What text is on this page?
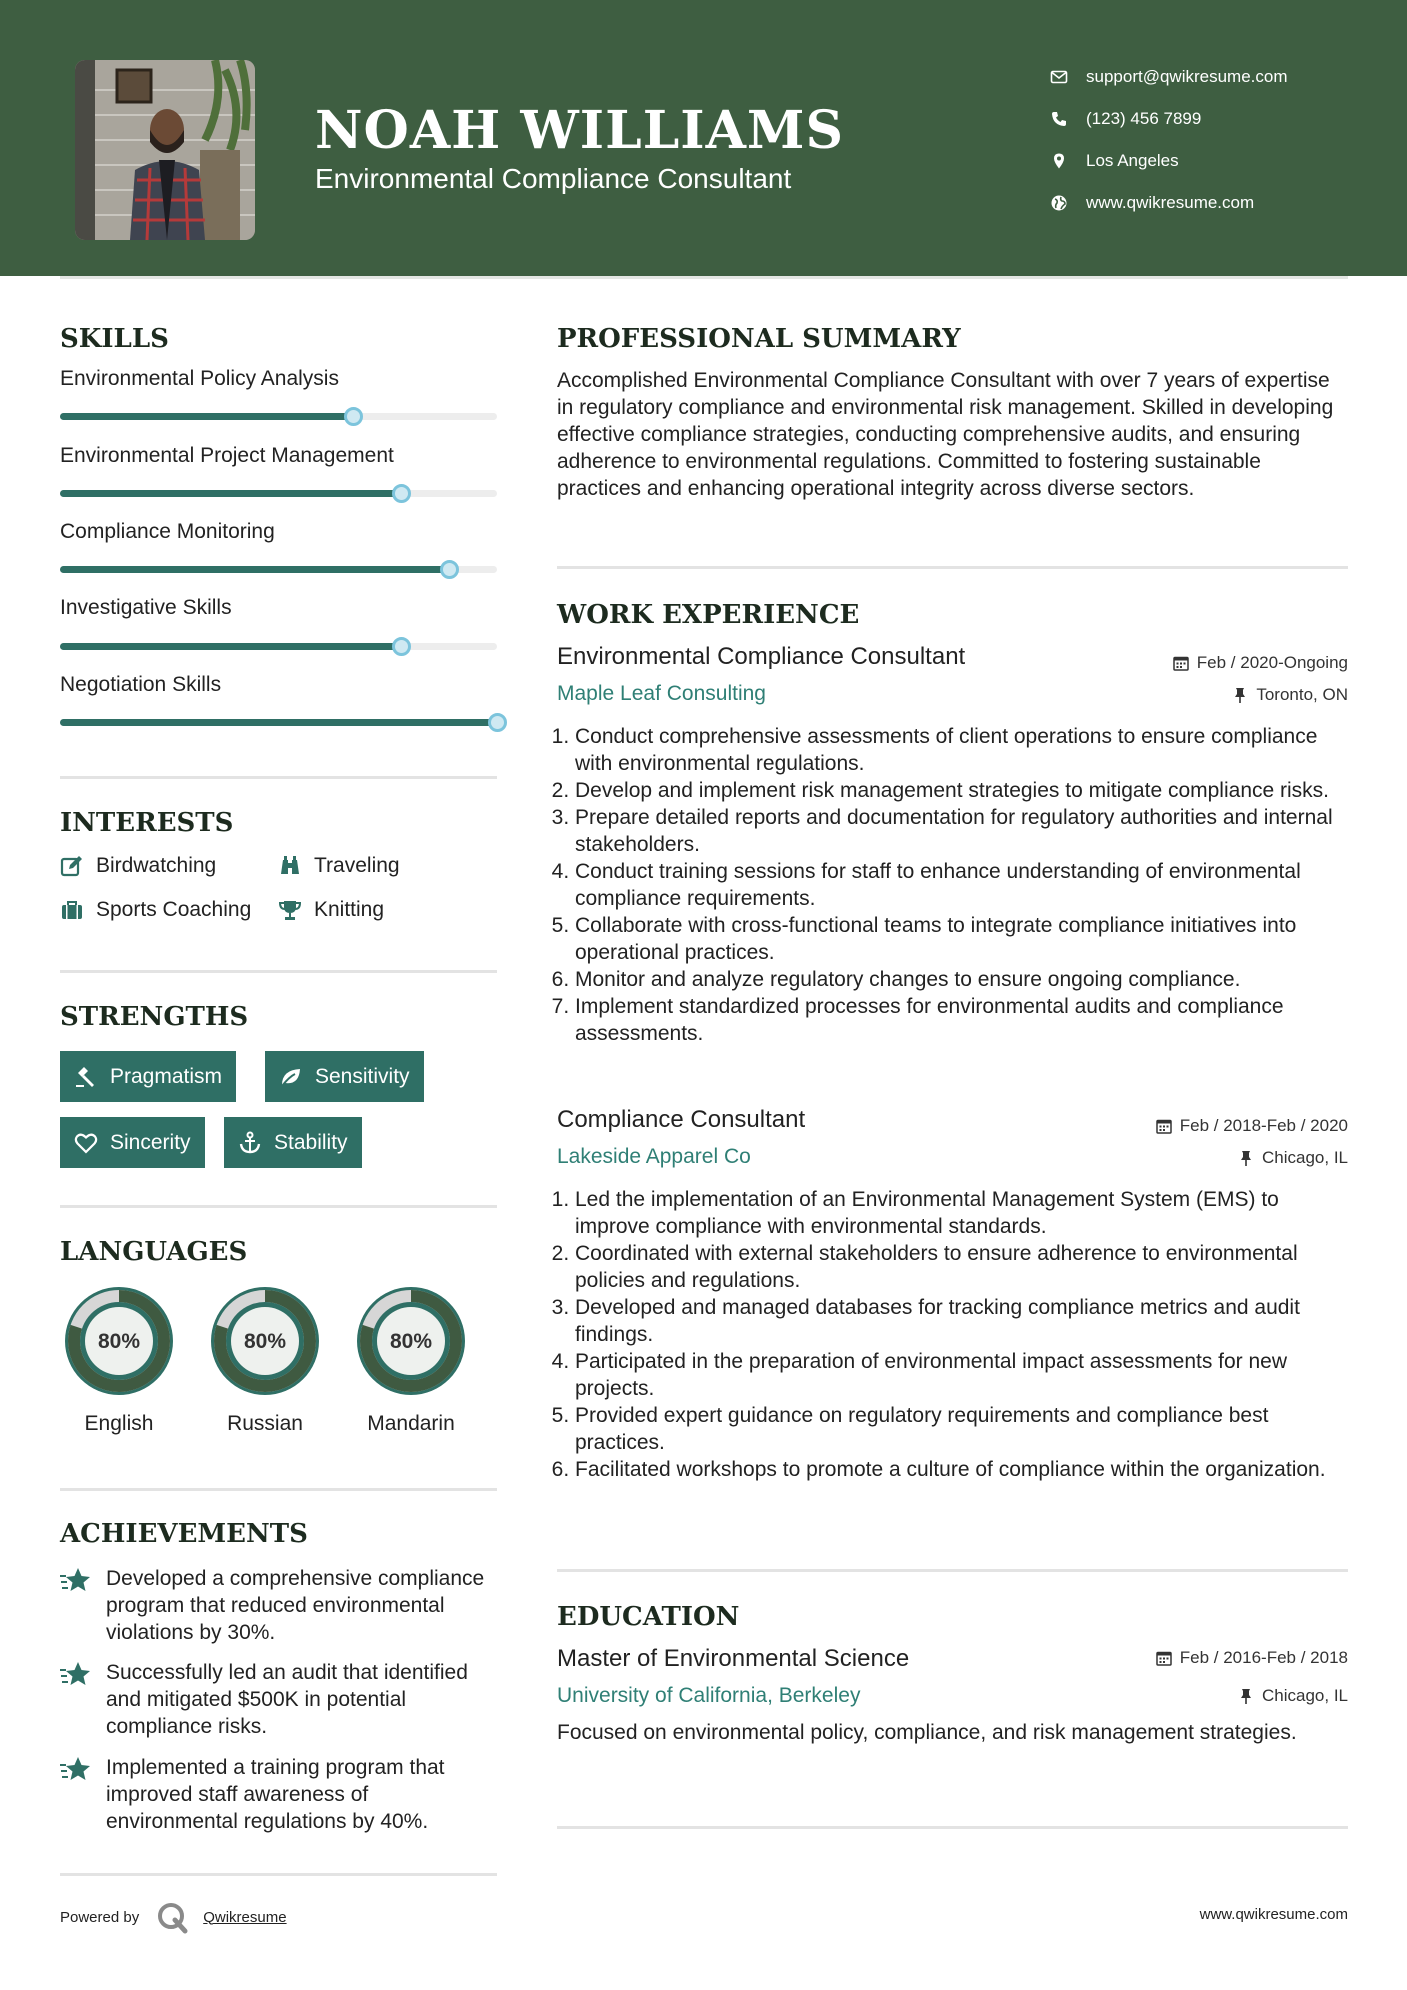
NOAH WILLIAMS
Environmental Compliance Consultant
support@qwikresume.com
(123) 456 7899
Los Angeles
www.qwikresume.com
SKILLS
Environmental Policy Analysis
Environmental Project Management
Compliance Monitoring
Investigative Skills
Negotiation Skills
INTERESTS
Birdwatching	Traveling
Sports Coaching	Knitting
STRENGTHS
Pragmatism	Sensitivity
Sincerity	Stability
LANGUAGES
80%
English
80%
Russian
80%
Mandarin
ACHIEVEMENTS
Developed a comprehensive compliance program that reduced environmental violations by 30%.
Successfully led an audit that identified and mitigated $500K in potential compliance risks.
Implemented a training program that improved staff awareness of environmental regulations by 40%.
PROFESSIONAL SUMMARY
Accomplished Environmental Compliance Consultant with over 7 years of expertise in regulatory compliance and environmental risk management. Skilled in developing effective compliance strategies, conducting comprehensive audits, and ensuring adherence to environmental regulations. Committed to fostering sustainable practices and enhancing operational integrity across diverse sectors.
WORK EXPERIENCE
Environmental Compliance Consultant	Feb / 2020-Ongoing
Maple Leaf Consulting	Toronto, ON
1. Conduct comprehensive assessments of client operations to ensure compliance with environmental regulations.
2. Develop and implement risk management strategies to mitigate compliance risks.
3. Prepare detailed reports and documentation for regulatory authorities and internal stakeholders.
4. Conduct training sessions for staff to enhance understanding of environmental compliance requirements.
5. Collaborate with cross-functional teams to integrate compliance initiatives into operational practices.
6. Monitor and analyze regulatory changes to ensure ongoing compliance.
7. Implement standardized processes for environmental audits and compliance assessments.
Compliance Consultant	Feb / 2018-Feb / 2020
Lakeside Apparel Co	Chicago, IL
1. Led the implementation of an Environmental Management System (EMS) to improve compliance with environmental standards.
2. Coordinated with external stakeholders to ensure adherence to environmental policies and regulations.
3. Developed and managed databases for tracking compliance metrics and audit findings.
4. Participated in the preparation of environmental impact assessments for new projects.
5. Provided expert guidance on regulatory requirements and compliance best practices.
6. Facilitated workshops to promote a culture of compliance within the organization.
EDUCATION
Master of Environmental Science	Feb / 2016-Feb / 2018
University of California, Berkeley	Chicago, IL
Focused on environmental policy, compliance, and risk management strategies.
Powered by	Qwikresume	www.qwikresume.com
